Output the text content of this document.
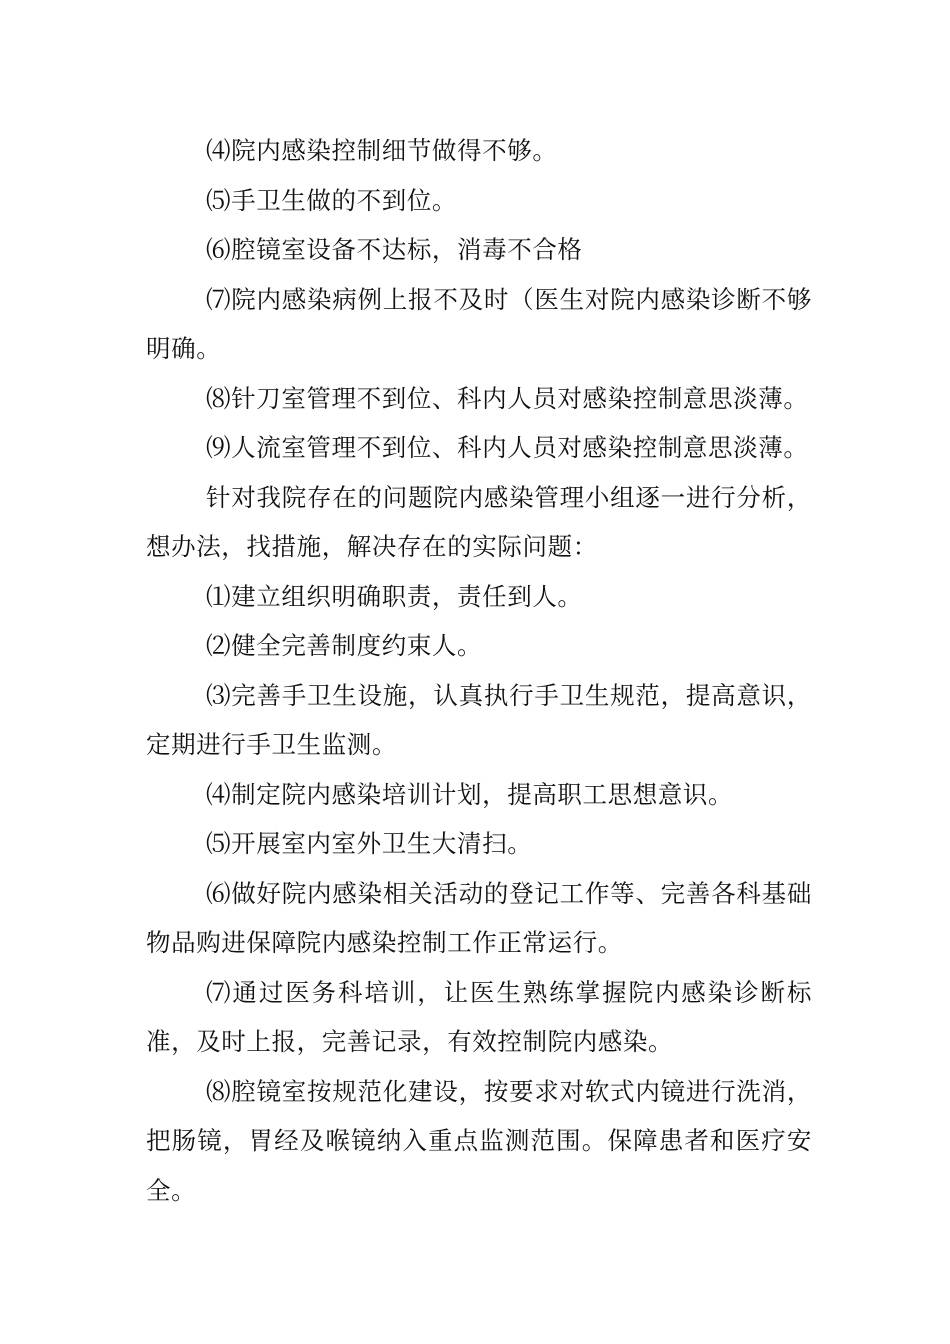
⑷院内感染控制细节做得不够。

⑸手卫生做的不到位。

⑹腔镜室设备不达标，消毒不合格

⑺院内感染病例上报不及时（医生对院内感染诊断不够明确。

⑻针刀室管理不到位、科内人员对感染控制意思淡薄。

⑼人流室管理不到位、科内人员对感染控制意思淡薄。

针对我院存在的问题院内感染管理小组逐一进行分析，想办法，找措施，解决存在的实际问题：

⑴建立组织明确职责，责任到人。

⑵健全完善制度约束人。

⑶完善手卫生设施，认真执行手卫生规范，提高意识，定期进行手卫生监测。

⑷制定院内感染培训计划，提高职工思想意识。

⑸开展室内室外卫生大清扫。

⑹做好院内感染相关活动的登记工作等、完善各科基础物品购进保障院内感染控制工作正常运行。

⑺通过医务科培训，让医生熟练掌握院内感染诊断标准，及时上报，完善记录，有效控制院内感染。

⑻腔镜室按规范化建设，按要求对软式内镜进行洗消，把肠镜，胃经及喉镜纳入重点监测范围。保障患者和医疗安全。
